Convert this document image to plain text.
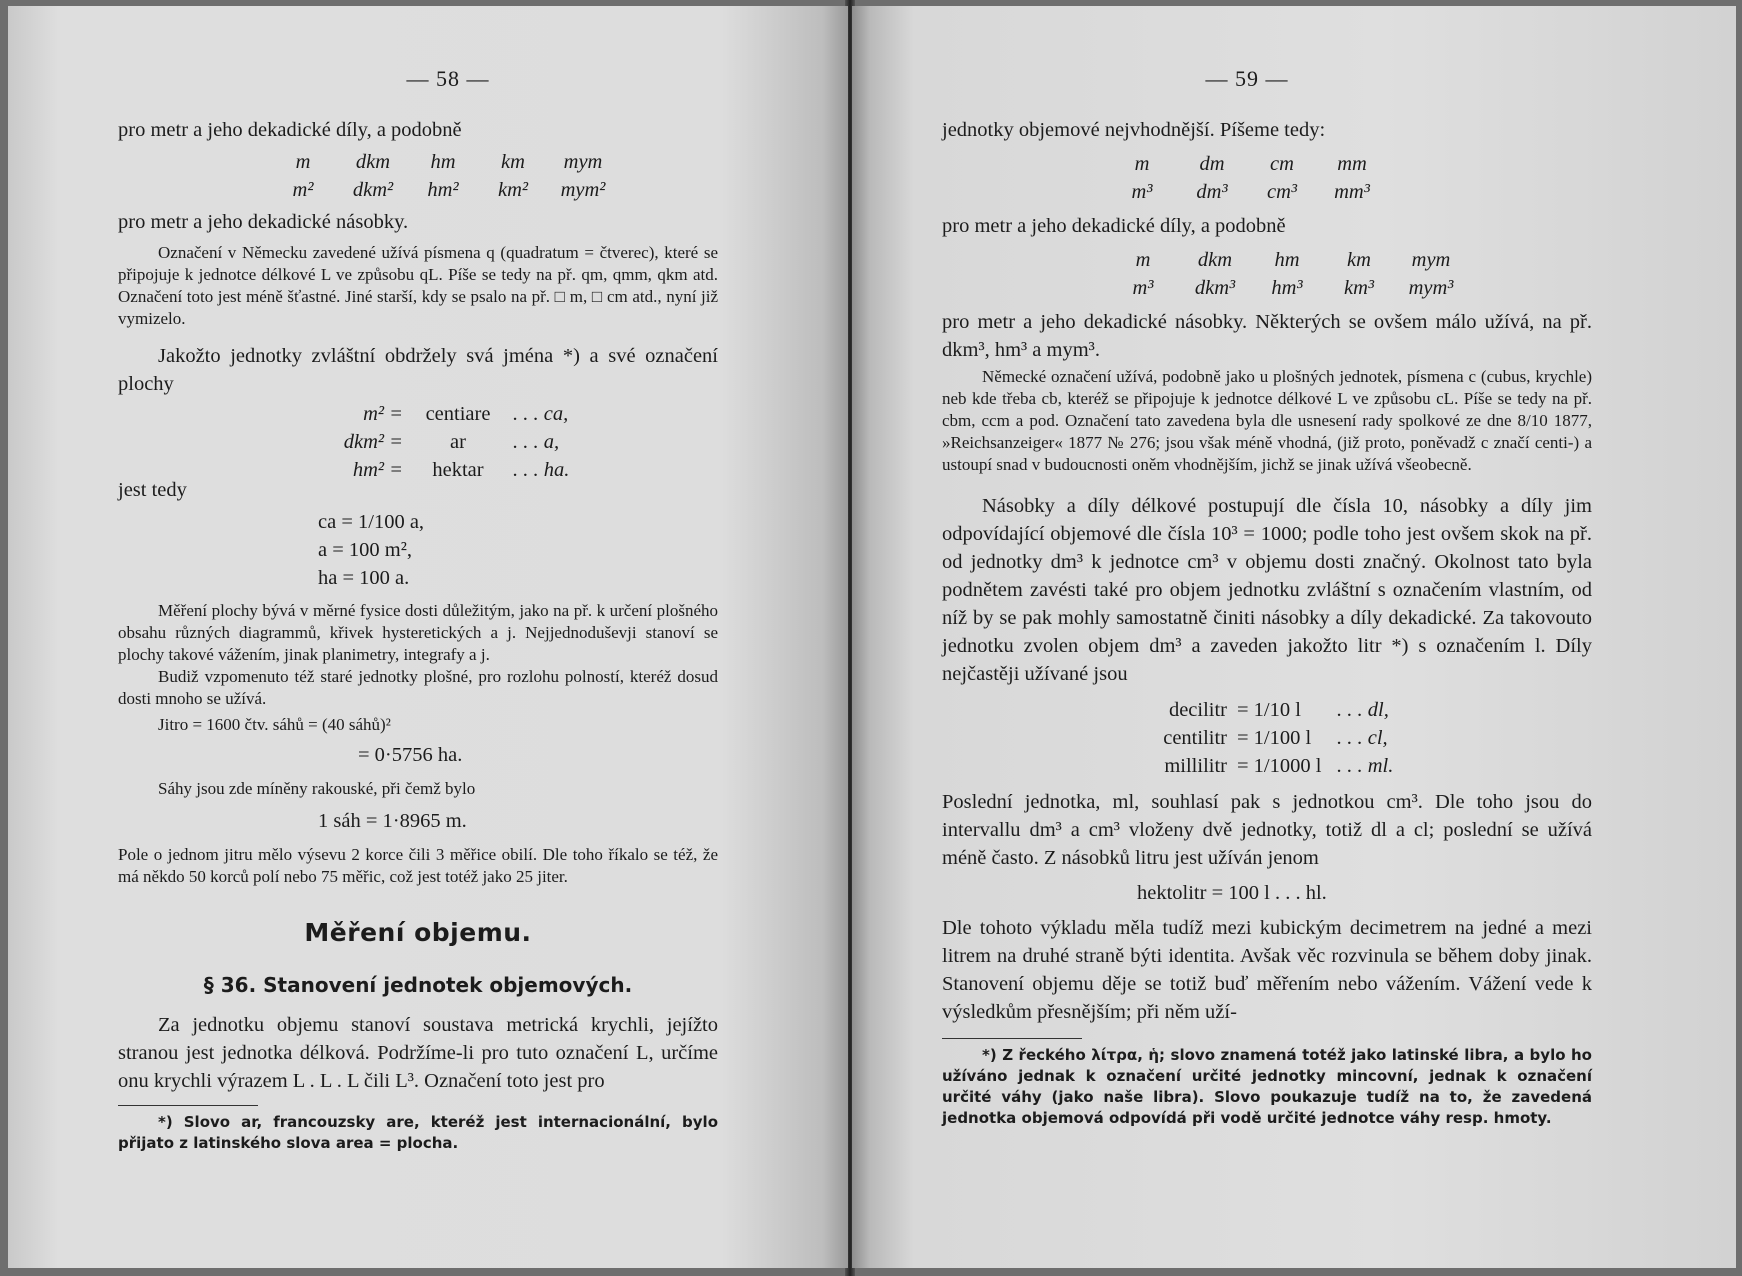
— 58 —

pro metr a jeho dekadické díly, a podobně

m	dkm	hm	km	mym
m²	dkm²	hm²	km²	mym²

pro metr a jeho dekadické násobky.

Označení v Německu zavedené užívá písmena q (quadratum = čtverec), které se připojuje k jednotce délkové L ve způsobu qL. Píše se tedy na př. qm, qmm, qkm atd. Označení toto jest méně šťastné. Jiné starší, kdy se psalo na př. □ m, □ cm atd., nyní již vymizelo.

Jakožto jednotky zvláštní obdržely svá jména *) a své označení plochy

m² =	centiare	. . . ca,
dkm² =	ar	. . . a,
hm² =	hektar	. . . ha.

jest tedy

ca = 1/100 a,
a = 100 m²,
ha = 100 a.

Měření plochy bývá v měrné fysice dosti důležitým, jako na př. k určení plošného obsahu různých diagrammů, křivek hysteretických a j. Nejjednoduševji stanoví se plochy takové vážením, jinak planimetry, integrafy a j.

Budiž vzpomenuto též staré jednotky plošné, pro rozlohu polností, kteréž dosud dosti mnoho se užívá.

Jitro = 1600 čtv. sáhů = (40 sáhů)²

= 0·5756 ha.

Sáhy jsou zde míněny rakouské, při čemž bylo

1 sáh = 1·8965 m.

Pole o jednom jitru mělo výsevu 2 korce čili 3 měřice obilí. Dle toho říkalo se též, že má někdo 50 korců polí nebo 75 měřic, což jest totéž jako 25 jiter.

Měření objemu.
§ 36. Stanovení jednotek objemových.

Za jednotku objemu stanoví soustava metrická krychli, jejížto stranou jest jednotka délková. Podržíme-li pro tuto označení L, určíme onu krychli výrazem L . L . L čili L³. Označení toto jest pro

*) Slovo ar, francouzsky are, kteréž jest internacionální, bylo přijato z latinského slova area = plocha.

— 59 —

jednotky objemové nejvhodnější. Píšeme tedy:

m	dm	cm	mm
m³	dm³	cm³	mm³

pro metr a jeho dekadické díly, a podobně

m	dkm	hm	km	mym
m³	dkm³	hm³	km³	mym³

pro metr a jeho dekadické násobky. Některých se ovšem málo užívá, na př. dkm³, hm³ a mym³.

Německé označení užívá, podobně jako u plošných jednotek, písmena c (cubus, krychle) neb kde třeba cb, kteréž se připojuje k jednotce délkové L ve způsobu cL. Píše se tedy na př. cbm, ccm a pod. Označení tato zavedena byla dle usnesení rady spolkové ze dne 8/10 1877, »Reichsanzeiger« 1877 № 276; jsou však méně vhodná, (již proto, poněvadž c značí centi-) a ustoupí snad v budoucnosti oněm vhodnějším, jichž se jinak užívá všeobecně.

Násobky a díly délkové postupují dle čísla 10, násobky a díly jim odpovídající objemové dle čísla 10³ = 1000; podle toho jest ovšem skok na př. od jednotky dm³ k jednotce cm³ v objemu dosti značný. Okolnost tato byla podnětem zavésti také pro objem jednotku zvláštní s označením vlastním, od níž by se pak mohly samostatně činiti násobky a díly dekadické. Za takovouto jednotku zvolen objem dm³ a zaveden jakožto litr *) s označením l. Díly nejčastěji užívané jsou

decilitr = 1/10 l	. . . dl,
centilitr = 1/100 l	. . . cl,
millilitr = 1/1000 l . . . ml.

Poslední jednotka, ml, souhlasí pak s jednotkou cm³. Dle toho jsou do intervallu dm³ a cm³ vloženy dvě jednotky, totiž dl a cl; poslední se užívá méně často. Z násobků litru jest užíván jenom

hektolitr = 100 l . . . hl.

Dle tohoto výkladu měla tudíž mezi kubickým decimetrem na jedné a mezi litrem na druhé straně býti identita. Avšak věc rozvinula se během doby jinak. Stanovení objemu děje se totiž buď měřením nebo vážením. Vážení vede k výsledkům přesnějším; při něm uží-

*) Z řeckého λίτρα, ἡ; slovo znamená totéž jako latinské libra, a bylo ho užíváno jednak k označení určité jednotky mincovní, jednak k označení určité váhy (jako naše libra). Slovo poukazuje tudíž na to, že zavedená jednotka objemová odpovídá při vodě určité jednotce váhy resp. hmoty.
